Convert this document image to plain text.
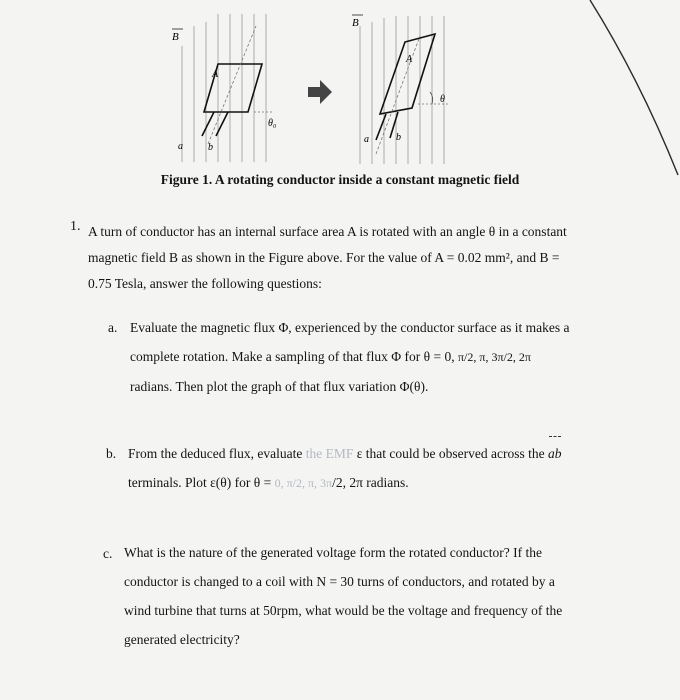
B
A
θ₀
a	b
B
A
θ
a	b
Figure 1. A rotating conductor inside a constant magnetic field
1. A turn of conductor has an internal surface area A is rotated with an angle θ in a constant
magnetic field B as shown in the Figure above. For the value of A = 0.02 mm², and B =
0.75 Tesla, answer the following questions:
a. Evaluate the magnetic flux Φ, experienced by the conductor surface as it makes a
complete rotation. Make a sampling of that flux Φ for θ = 0, π/2, π, 3π/2, 2π
radians. Then plot the graph of that flux variation Φ(θ).
b. From the deduced flux, evaluate the EMF ε that could be observed across the ab
terminals. Plot ε(θ) for θ = 0, π/2, π, 3π/2, 2π radians.
c. What is the nature of the generated voltage form the rotated conductor? If the
conductor is changed to a coil with N = 30 turns of conductors, and rotated by a
wind turbine that turns at 50rpm, what would be the voltage and frequency of the
generated electricity?
